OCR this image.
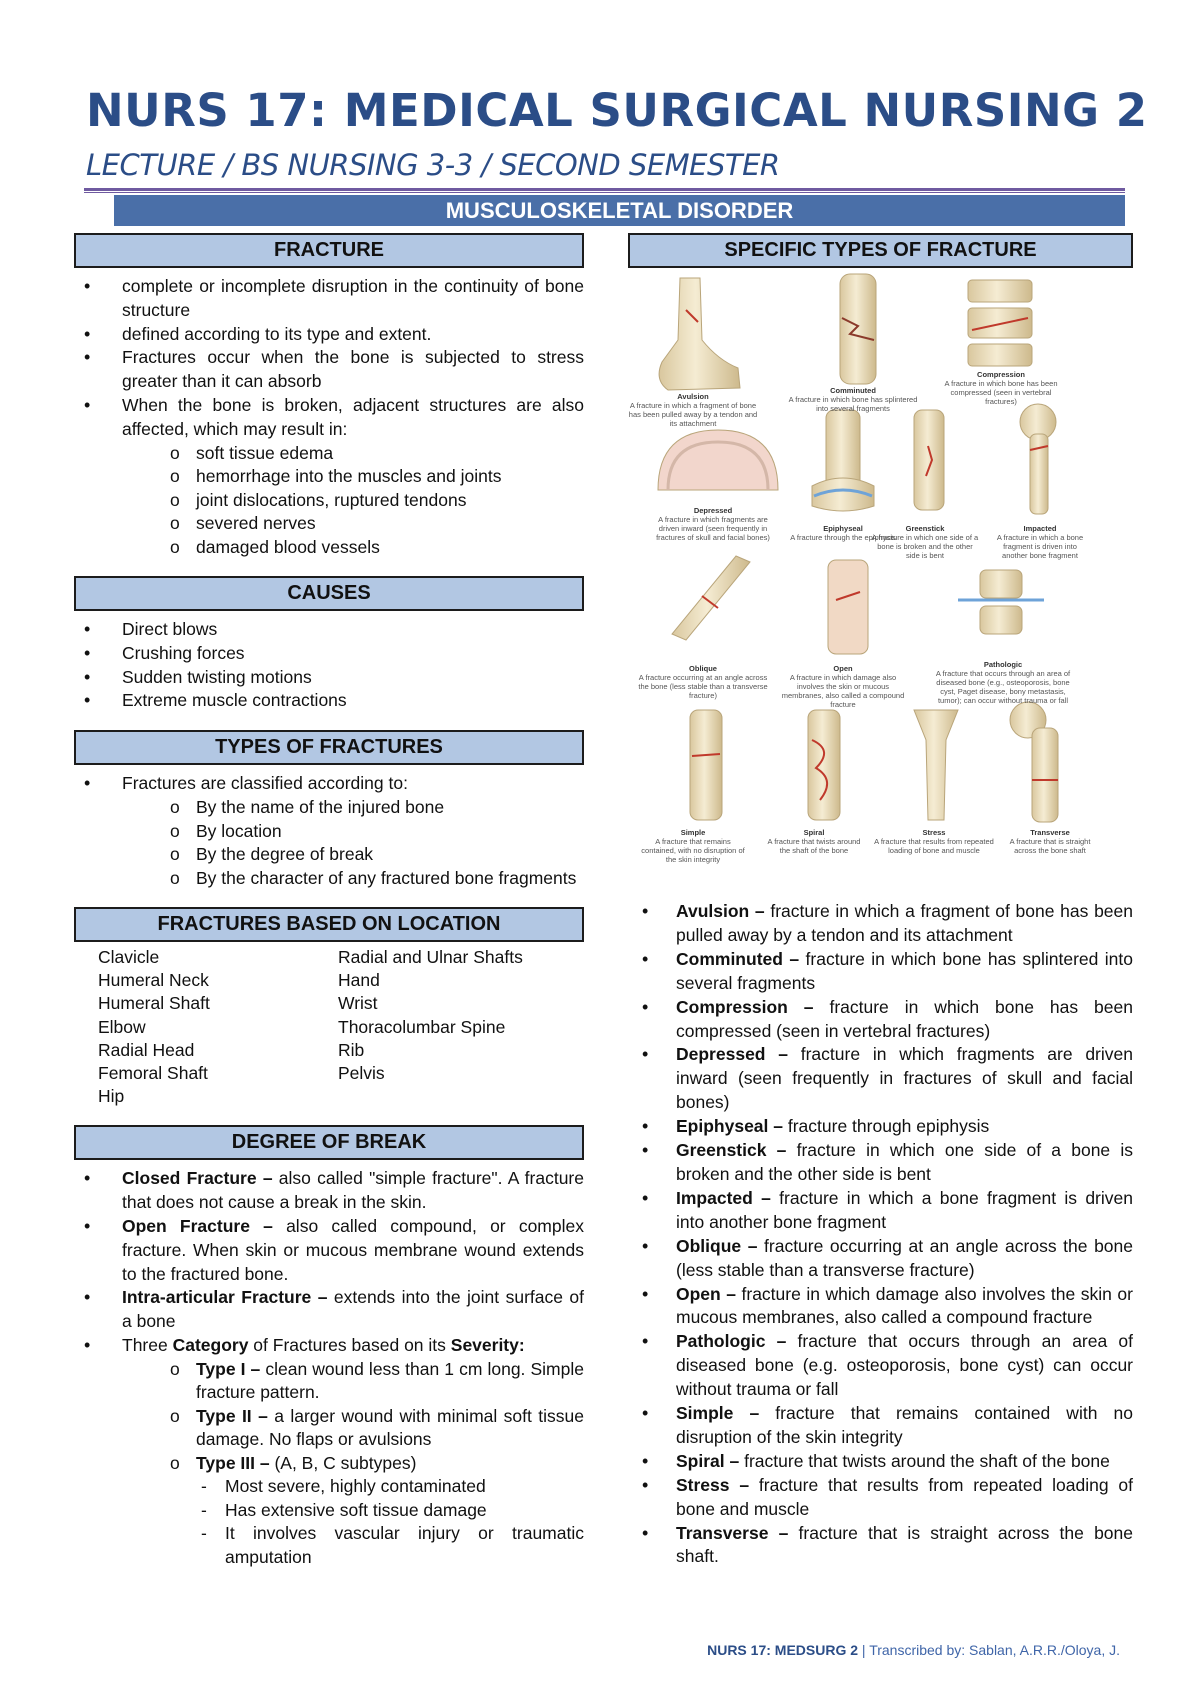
NURS 17: MEDICAL SURGICAL NURSING 2
LECTURE / BS NURSING 3-3 / SECOND SEMESTER
MUSCULOSKELETAL DISORDER
FRACTURE
• complete or incomplete disruption in the continuity of bone structure
• defined according to its type and extent.
• Fractures occur when the bone is subjected to stress greater than it can absorb
• When the bone is broken, adjacent structures are also affected, which may result in:
o soft tissue edema
o hemorrhage into the muscles and joints
o joint dislocations, ruptured tendons
o severed nerves
o damaged blood vessels
CAUSES
• Direct blows
• Crushing forces
• Sudden twisting motions
• Extreme muscle contractions
TYPES OF FRACTURES
• Fractures are classified according to:
o By the name of the injured bone
o By location
o By the degree of break
o By the character of any fractured bone fragments
FRACTURES BASED ON LOCATION
Clavicle
Humeral Neck
Humeral Shaft
Elbow
Radial Head
Femoral Shaft
Hip
Radial and Ulnar Shafts
Hand
Wrist
Thoracolumbar Spine
Rib
Pelvis
DEGREE OF BREAK
• Closed Fracture – also called "simple fracture". A fracture that does not cause a break in the skin.
• Open Fracture – also called compound, or complex fracture. When skin or mucous membrane wound extends to the fractured bone.
• Intra-articular Fracture – extends into the joint surface of a bone
• Three Category of Fractures based on its Severity:
o Type I – clean wound less than 1 cm long. Simple fracture pattern.
o Type II – a larger wound with minimal soft tissue damage. No flaps or avulsions
o Type III – (A, B, C subtypes)
- Most severe, highly contaminated
- Has extensive soft tissue damage
- It involves vascular injury or traumatic amputation
SPECIFIC TYPES OF FRACTURE
Avulsion
A fracture in which a fragment of bone has been pulled away by a tendon and its attachment
Comminuted
A fracture in which bone has splintered into several fragments
Compression
A fracture in which bone has been compressed (seen in vertebral fractures)
Depressed
A fracture in which fragments are driven inward (seen frequently in fractures of skull and facial bones)
Epiphyseal
A fracture through the epiphysis
Greenstick
A fracture in which one side of a bone is broken and the other side is bent
Impacted
A fracture in which a bone fragment is driven into another bone fragment
Oblique
A fracture occurring at an angle across the bone (less stable than a transverse fracture)
Open
A fracture in which damage also involves the skin or mucous membranes, also called a compound fracture
Pathologic
A fracture that occurs through an area of diseased bone (e.g., osteoporosis, bone cyst, Paget disease, bony metastasis, tumor); can occur without trauma or fall
Simple
A fracture that remains contained, with no disruption of the skin integrity
Spiral
A fracture that twists around the shaft of the bone
Stress
A fracture that results from repeated loading of bone and muscle
Transverse
A fracture that is straight across the bone shaft
• Avulsion – fracture in which a fragment of bone has been pulled away by a tendon and its attachment
• Comminuted – fracture in which bone has splintered into several fragments
• Compression – fracture in which bone has been compressed (seen in vertebral fractures)
• Depressed – fracture in which fragments are driven inward (seen frequently in fractures of skull and facial bones)
• Epiphyseal – fracture through epiphysis
• Greenstick – fracture in which one side of a bone is broken and the other side is bent
• Impacted – fracture in which a bone fragment is driven into another bone fragment
• Oblique – fracture occurring at an angle across the bone (less stable than a transverse fracture)
• Open – fracture in which damage also involves the skin or mucous membranes, also called a compound fracture
• Pathologic – fracture that occurs through an area of diseased bone (e.g. osteoporosis, bone cyst) can occur without trauma or fall
• Simple – fracture that remains contained with no disruption of the skin integrity
• Spiral – fracture that twists around the shaft of the bone
• Stress – fracture that results from repeated loading of bone and muscle
• Transverse – fracture that is straight across the bone shaft.
NURS 17: MEDSURG 2 | Transcribed by: Sablan, A.R.R./Oloya, J.
